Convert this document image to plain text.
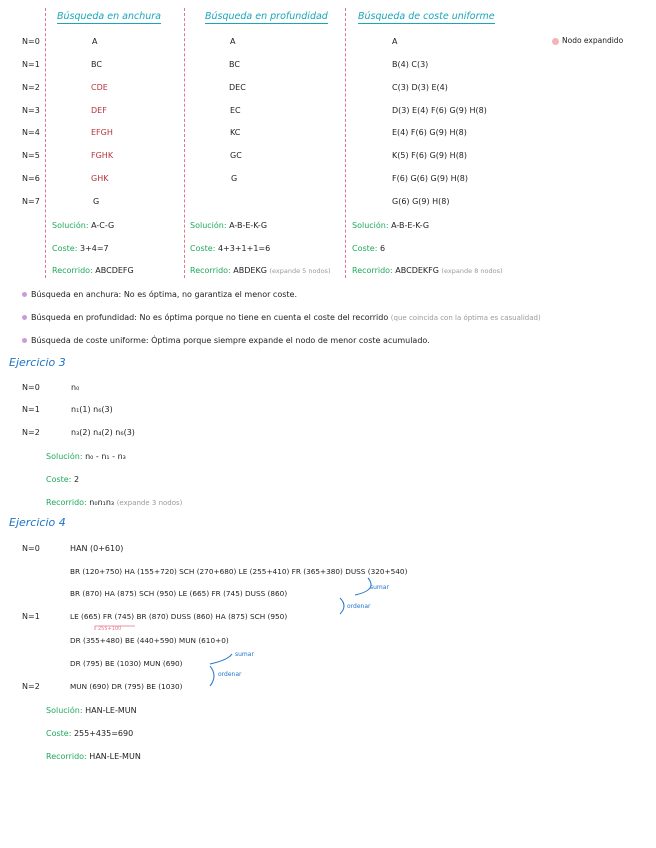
Búsqueda en anchura	Búsqueda en profundidad	Búsqueda de coste uniforme
Nodo expandido
N=0
N=1
N=2
N=3
N=4
N=5
N=6
N=7
A
BC
CDE
DEF
EFGH
FGHK
GHK
G
A
BC
DEC
EC
KC
GC
G
A
B(4) C(3)
C(3) D(3) E(4)
D(3) E(4) F(6) G(9) H(8)
E(4) F(6) G(9) H(8)
K(5) F(6) G(9) H(8)
F(6) G(6) G(9) H(8)
G(6) G(9) H(8)
Solución: A-C-G
Coste: 3+4=7
Recorrido: ABCDEFG
Solución: A-B-E-K-G
Coste: 4+3+1+1=6
Recorrido: ABDEKG (expande 5 nodos)
Solución: A-B-E-K-G
Coste: 6
Recorrido: ABCDEKFG (expande 8 nodos)
Búsqueda en anchura: No es óptima, no garantiza el menor coste.
Búsqueda en profundidad: No es óptima porque no tiene en cuenta el coste del recorrido (que coincida con la óptima es casualidad)
Búsqueda de coste uniforme: Óptima porque siempre expande el nodo de menor coste acumulado.
Ejercicio 3
N=0
N=1
N=2
n₀
n₁(1) n₆(3)
n₃(2) n₄(2) n₆(3)
Solución: n₀ - n₁ - n₃
Coste: 2
Recorrido: n₀n₁n₃ (expande 3 nodos)
Ejercicio 4
N=0
N=1
N=2
HAN (0+610)
BR (120+750) HA (155+720) SCH (270+680) LE (255+410) FR (365+380) DUSS (320+540)
BR (870) HA (875) SCH (950) LE (665) FR (745) DUSS (860)
LE (665) FR (745) BR (870) DUSS (860) HA (875) SCH (950)
255+100
DR (355+480) BE (440+590) MUN (610+0)
DR (795) BE (1030) MUN (690)
MUN (690) DR (795) BE (1030)
sumar
ordenar
sumar
ordenar
Solución: HAN-LE-MUN
Coste: 255+435=690
Recorrido: HAN-LE-MUN
